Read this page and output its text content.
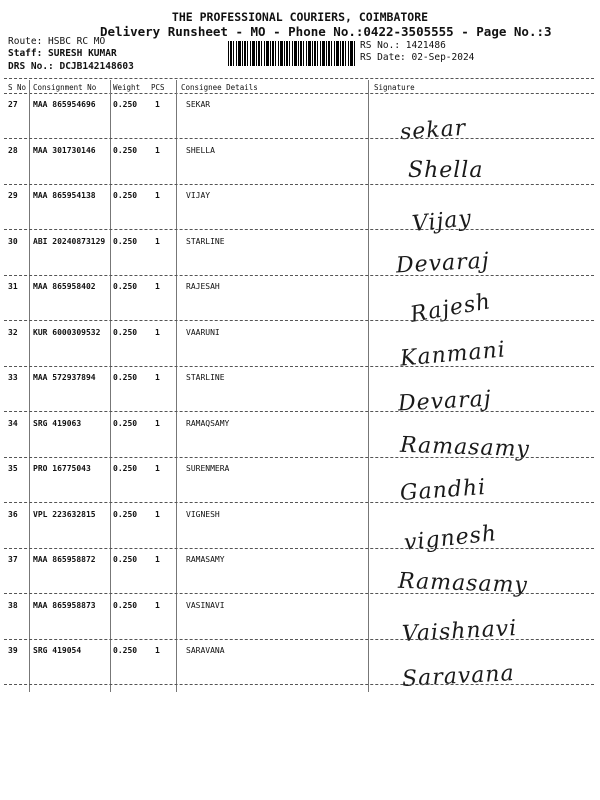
THE PROFESSIONAL COURIERS, COIMBATORE
Delivery Runsheet - MO - Phone No.:0422-3505555 - Page No.:3
Route: HSBC RC MO
Staff: SURESH KUMAR
DRS No.: DCJB142148603
RS No.: 1421486
RS Date: 02-Sep-2024
S No Consignment No Weight PCS Consignee Details	Signature
27 MAA 865954696 0.250 1	SEKAR
sekar
28 MAA 301730146 0.250 1	SHELLA
Shella
29 MAA 865954138 0.250 1	VIJAY
Vijay
30 ABI 20240873129 0.250 1	STARLINE
Devaraj
31 MAA 865958402 0.250 1	RAJESAH
Rajesh
32 KUR 6000309532 0.250 1	VAARUNI
Kanmani
33 MAA 572937894 0.250 1	STARLINE
Devaraj
34 SRG 419063	0.250 1	RAMAQSAMY
Ramasamy
35 PRO 16775043	0.250 1	SURENMERA
Gandhi
36 VPL 223632815 0.250 1	VIGNESH
vignesh
37 MAA 865958872 0.250 1	RAMASAMY
Ramasamy
38 MAA 865958873 0.250 1	VASINAVI
Vaishnavi
39 SRG 419054	0.250 1	SARAVANA
Saravana
